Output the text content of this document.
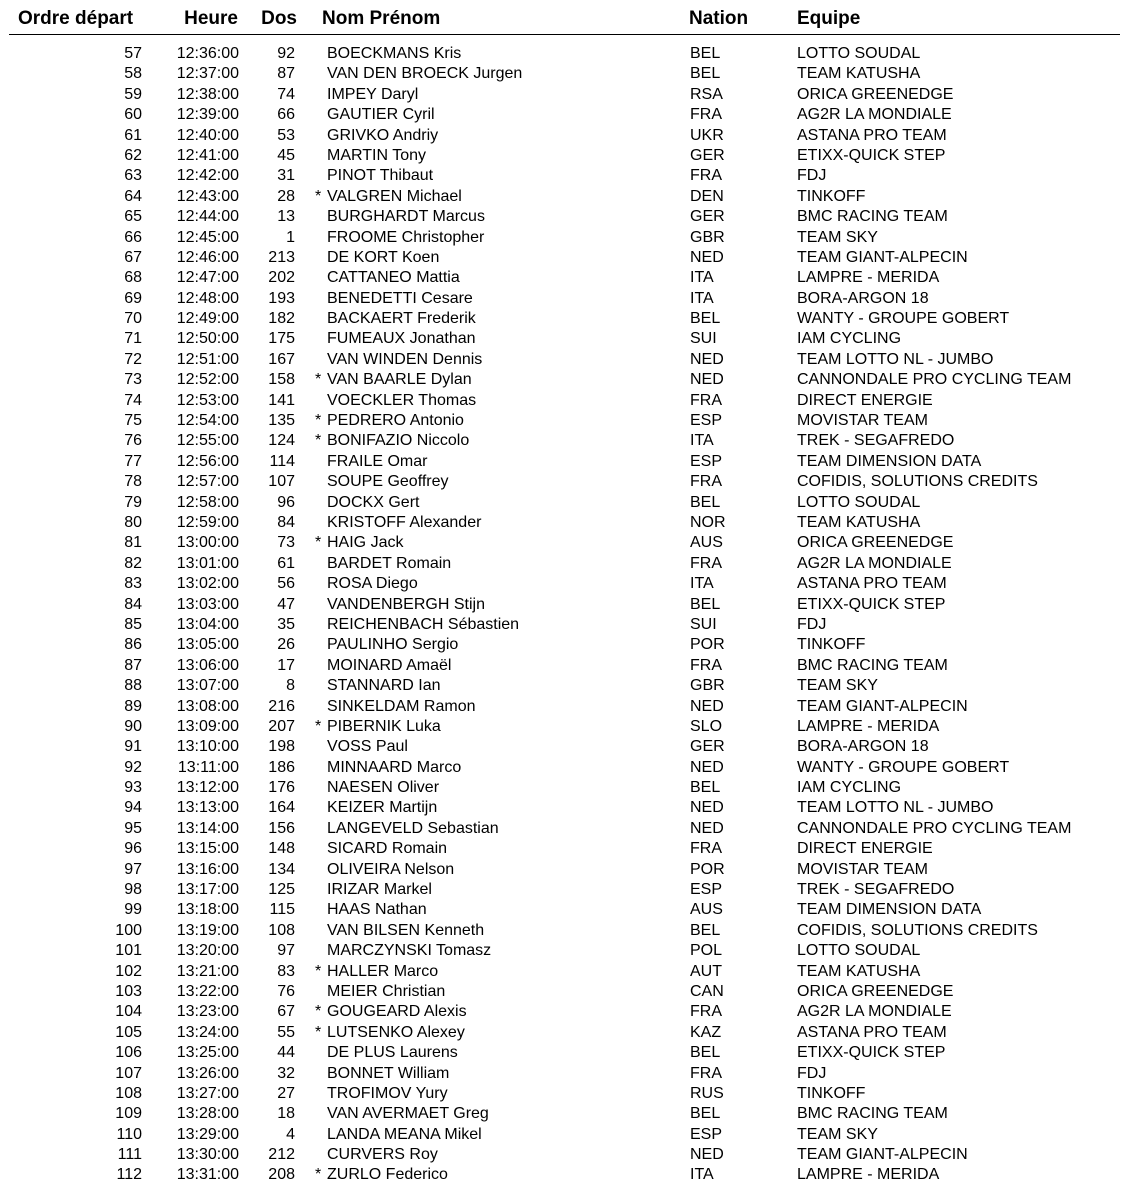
Ordre départ	Heure	Dos Nom Prénom	Nation	Equipe
57	12:36:00	92 BOECKMANS Kris	BEL	LOTTO SOUDAL
58	12:37:00	87 VAN DEN BROECK Jurgen	BEL	TEAM KATUSHA
59	12:38:00	74 IMPEY Daryl	RSA	ORICA GREENEDGE
60	12:39:00	66 GAUTIER Cyril	FRA	AG2R LA MONDIALE
61	12:40:00	53 GRIVKO Andriy	UKR	ASTANA PRO TEAM
62	12:41:00	45 MARTIN Tony	GER	ETIXX-QUICK STEP
63	12:42:00	31 PINOT Thibaut	FRA	FDJ
64	12:43:00	28 * VALGREN Michael	DEN	TINKOFF
65	12:44:00	13 BURGHARDT Marcus	GER	BMC RACING TEAM
66	12:45:00	1 FROOME Christopher	GBR	TEAM SKY
67	12:46:00	213 DE KORT Koen	NED	TEAM GIANT-ALPECIN
68	12:47:00	202 CATTANEO Mattia	ITA	LAMPRE - MERIDA
69	12:48:00	193 BENEDETTI Cesare	ITA	BORA-ARGON 18
70	12:49:00	182 BACKAERT Frederik	BEL	WANTY - GROUPE GOBERT
71	12:50:00	175 FUMEAUX Jonathan	SUI	IAM CYCLING
72	12:51:00	167 VAN WINDEN Dennis	NED	TEAM LOTTO NL - JUMBO
73	12:52:00	158 * VAN BAARLE Dylan	NED	CANNONDALE PRO CYCLING TEAM
74	12:53:00	141 VOECKLER Thomas	FRA	DIRECT ENERGIE
75	12:54:00	135 * PEDRERO Antonio	ESP	MOVISTAR TEAM
76	12:55:00	124 * BONIFAZIO Niccolo	ITA	TREK - SEGAFREDO
77	12:56:00	114 FRAILE Omar	ESP	TEAM DIMENSION DATA
78	12:57:00	107 SOUPE Geoffrey	FRA	COFIDIS, SOLUTIONS CREDITS
79	12:58:00	96 DOCKX Gert	BEL	LOTTO SOUDAL
80	12:59:00	84 KRISTOFF Alexander	NOR	TEAM KATUSHA
81	13:00:00	73 * HAIG Jack	AUS	ORICA GREENEDGE
82	13:01:00	61 BARDET Romain	FRA	AG2R LA MONDIALE
83	13:02:00	56 ROSA Diego	ITA	ASTANA PRO TEAM
84	13:03:00	47 VANDENBERGH Stijn	BEL	ETIXX-QUICK STEP
85	13:04:00	35 REICHENBACH Sébastien	SUI	FDJ
86	13:05:00	26 PAULINHO Sergio	POR	TINKOFF
87	13:06:00	17 MOINARD Amaël	FRA	BMC RACING TEAM
88	13:07:00	8 STANNARD Ian	GBR	TEAM SKY
89	13:08:00	216 SINKELDAM Ramon	NED	TEAM GIANT-ALPECIN
90	13:09:00	207 * PIBERNIK Luka	SLO	LAMPRE - MERIDA
91	13:10:00	198 VOSS Paul	GER	BORA-ARGON 18
92	13:11:00	186 MINNAARD Marco	NED	WANTY - GROUPE GOBERT
93	13:12:00	176 NAESEN Oliver	BEL	IAM CYCLING
94	13:13:00	164 KEIZER Martijn	NED	TEAM LOTTO NL - JUMBO
95	13:14:00	156 LANGEVELD Sebastian	NED	CANNONDALE PRO CYCLING TEAM
96	13:15:00	148 SICARD Romain	FRA	DIRECT ENERGIE
97	13:16:00	134 OLIVEIRA Nelson	POR	MOVISTAR TEAM
98	13:17:00	125 IRIZAR Markel	ESP	TREK - SEGAFREDO
99	13:18:00	115 HAAS Nathan	AUS	TEAM DIMENSION DATA
100	13:19:00	108 VAN BILSEN Kenneth	BEL	COFIDIS, SOLUTIONS CREDITS
101	13:20:00	97 MARCZYNSKI Tomasz	POL	LOTTO SOUDAL
102	13:21:00	83 * HALLER Marco	AUT	TEAM KATUSHA
103	13:22:00	76 MEIER Christian	CAN	ORICA GREENEDGE
104	13:23:00	67 * GOUGEARD Alexis	FRA	AG2R LA MONDIALE
105	13:24:00	55 * LUTSENKO Alexey	KAZ	ASTANA PRO TEAM
106	13:25:00	44 DE PLUS Laurens	BEL	ETIXX-QUICK STEP
107	13:26:00	32 BONNET William	FRA	FDJ
108	13:27:00	27 TROFIMOV Yury	RUS	TINKOFF
109	13:28:00	18 VAN AVERMAET Greg	BEL	BMC RACING TEAM
110	13:29:00	4 LANDA MEANA Mikel	ESP	TEAM SKY
111	13:30:00	212 CURVERS Roy	NED	TEAM GIANT-ALPECIN
112	13:31:00	208 * ZURLO Federico	ITA	LAMPRE - MERIDA
